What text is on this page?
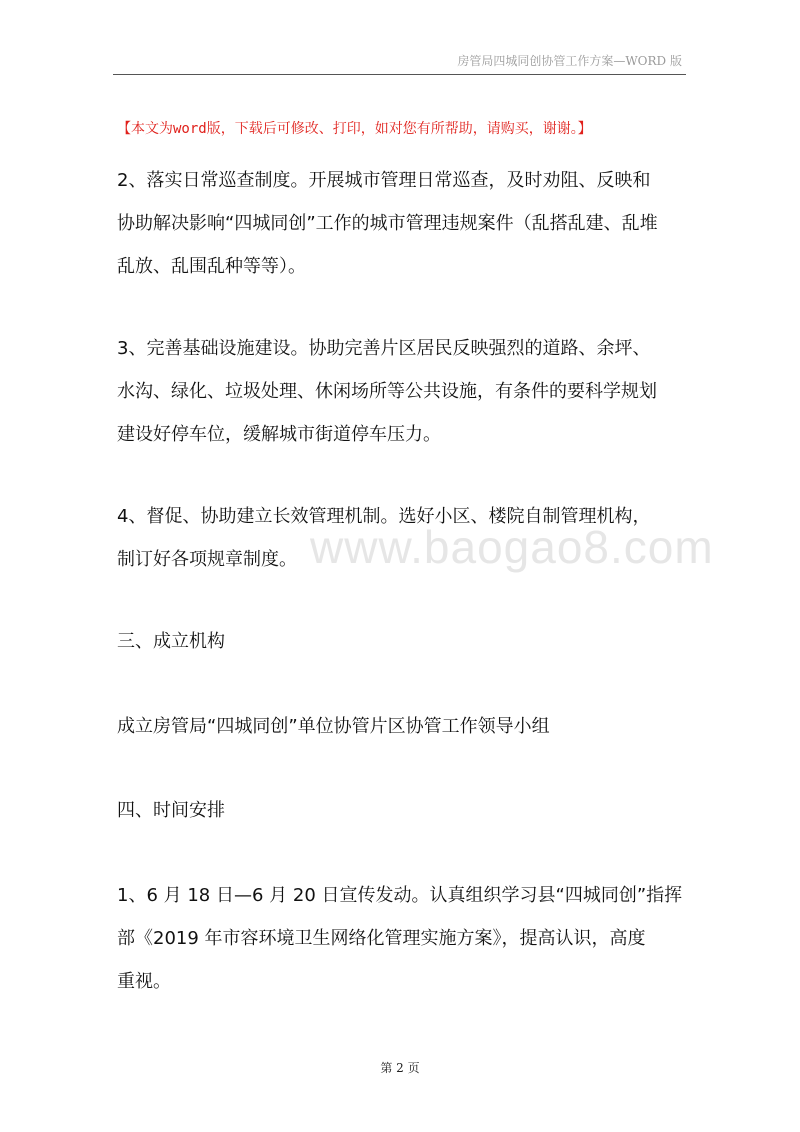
房管局四城同创协管工作方案—WORD 版
【本文为word版，下载后可修改、打印，如对您有所帮助，请购买，谢谢。】
www.baogao8.com
2、落实日常巡查制度。开展城市管理日常巡查，及时劝阻、反映和
协助解决影响“四城同创”工作的城市管理违规案件（乱搭乱建、乱堆
乱放、乱围乱种等等）。
3、完善基础设施建设。协助完善片区居民反映强烈的道路、余坪、
水沟、绿化、垃圾处理、休闲场所等公共设施，有条件的要科学规划
建设好停车位，缓解城市街道停车压力。
4、督促、协助建立长效管理机制。选好小区、楼院自制管理机构，
制订好各项规章制度。
三、成立机构
成立房管局“四城同创”单位协管片区协管工作领导小组
四、时间安排
1、6 月 18 日—6 月 20 日宣传发动。认真组织学习县“四城同创”指挥
部《2019 年市容环境卫生网络化管理实施方案》，提高认识，高度
重视。
第 2 页
